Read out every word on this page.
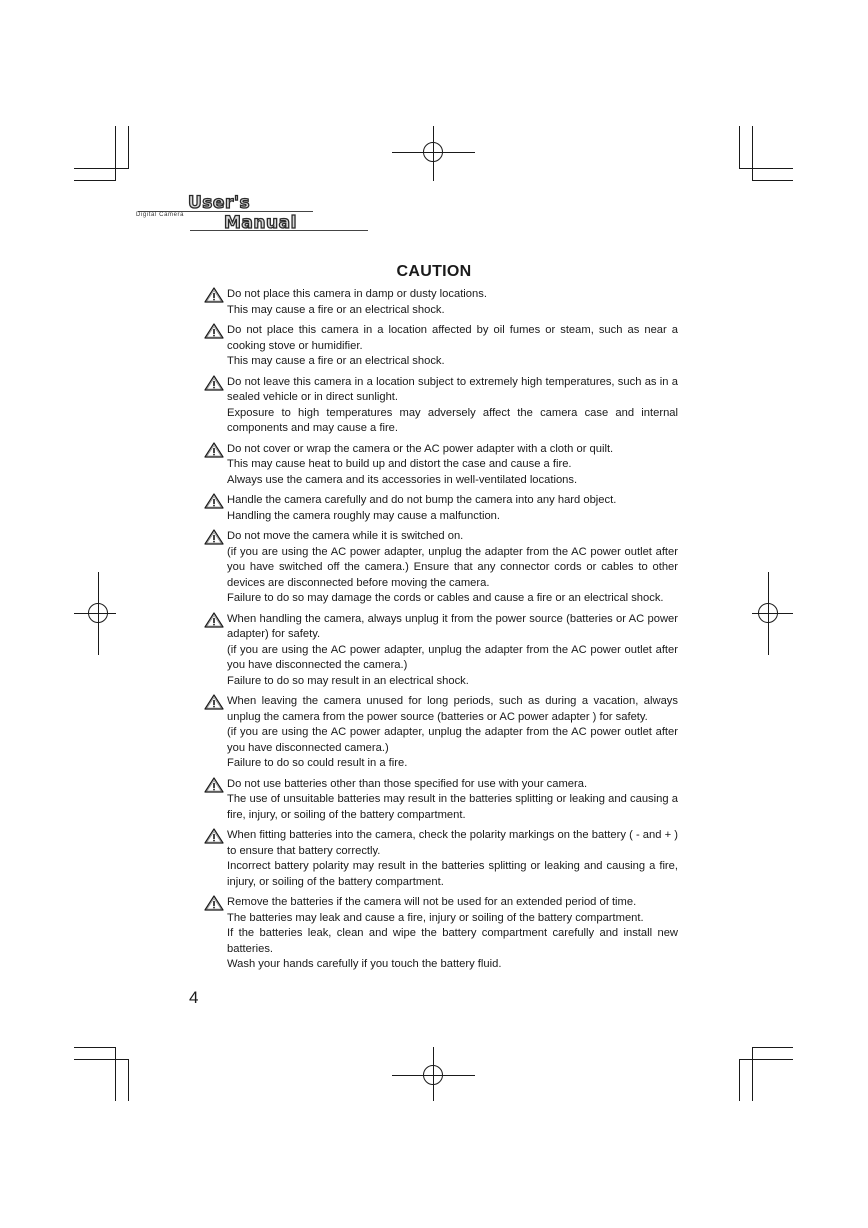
User's
Manual
Digital Camera
CAUTION
Do not place this camera in damp or dusty locations.
This may cause a fire or an electrical shock.
Do not place this camera in a location affected by oil fumes or steam, such as near a cooking stove or humidifier.
This may cause a fire or an electrical shock.
Do not leave this camera in a location subject to extremely high temperatures, such as in a sealed vehicle or in direct sunlight.
Exposure to high temperatures may adversely affect the camera case and internal components and may cause a fire.
Do not cover or wrap the camera or the AC power adapter with a cloth or quilt.
This may cause heat to build up and distort the case and cause a fire.
Always use the camera and its accessories in well-ventilated locations.
Handle the camera carefully and do not bump the camera into any hard object.
Handling the camera roughly may cause a malfunction.
Do not move the camera while it is switched on.
(if you are using the AC power adapter, unplug the adapter from the AC power outlet after you have switched off the camera.) Ensure that any connector cords or cables to other devices are disconnected before moving the camera.
Failure to do so may damage the cords or cables and cause a fire or an electrical shock.
When handling the camera, always unplug it from the power source (batteries or AC power adapter) for safety.
(if you are using the AC power adapter, unplug the adapter from the AC power outlet after you have disconnected the camera.)
Failure to do so may result in an electrical shock.
When leaving the camera unused for long periods, such as during a vacation, always unplug the camera from the power source (batteries or AC power adapter ) for safety.
(if you are using the AC power adapter, unplug the adapter from the AC power outlet after you have disconnected camera.)
Failure to do so could result in a fire.
Do not use batteries other than those specified for use with your camera.
The use of unsuitable batteries may result in the batteries splitting or leaking and causing a fire, injury, or soiling of the battery compartment.
When fitting batteries into the camera, check the polarity markings on the battery ( - and + ) to ensure that battery correctly.
Incorrect battery polarity may result in the batteries splitting or leaking and causing a fire, injury, or soiling of the battery compartment.
Remove the batteries if the camera will not be used for an extended period of time.
The batteries may leak and cause a fire, injury or soiling of the battery compartment.
If the batteries leak, clean and wipe the battery compartment carefully and install new batteries.
Wash your hands carefully if you touch the battery fluid.
4
